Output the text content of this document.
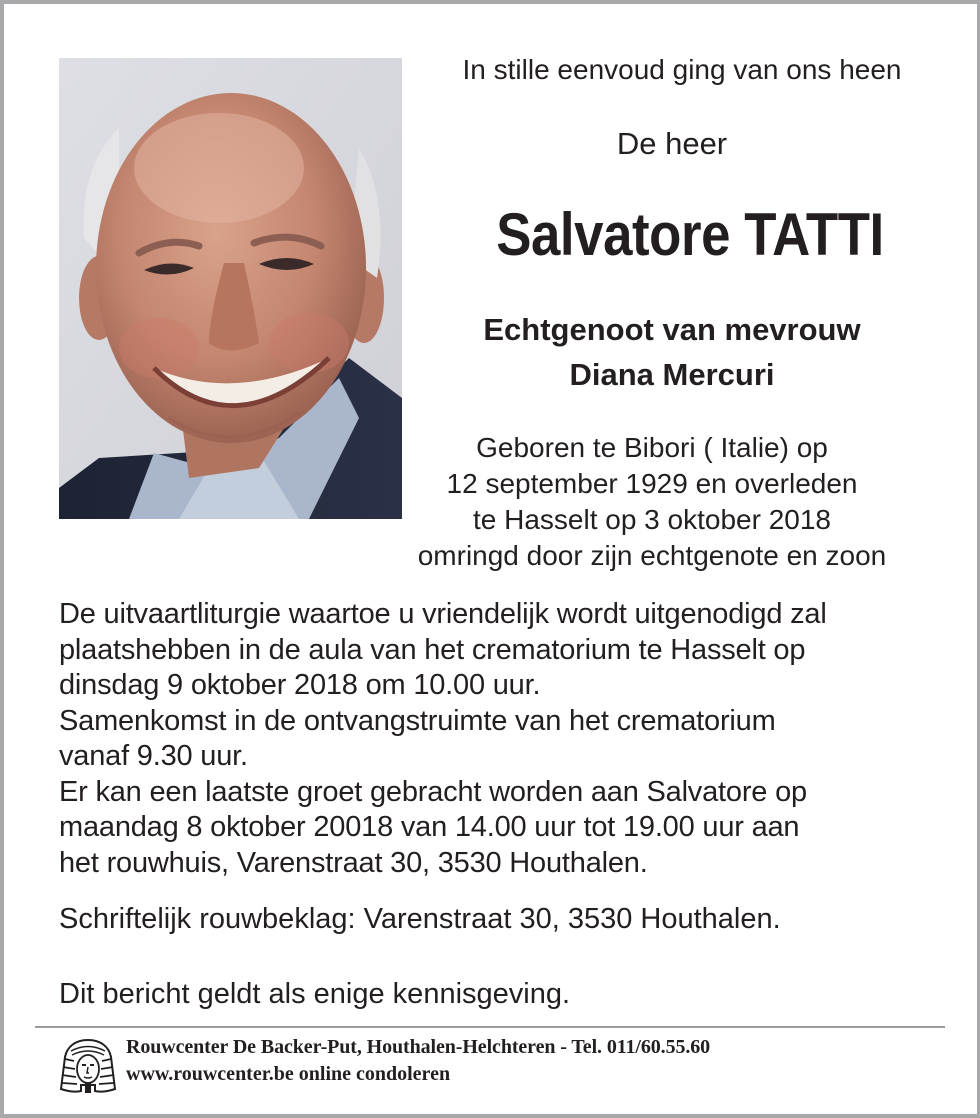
In stille eenvoud ging van ons heen
De heer
Salvatore TATTI
Echtgenoot van mevrouw
Diana Mercuri
Geboren te Bibori ( Italie) op
12 september 1929 en overleden
te Hasselt op 3 oktober 2018
omringd door zijn echtgenote en zoon
De uitvaartliturgie waartoe u vriendelijk wordt uitgenodigd zal
plaatshebben in de aula van het crematorium te Hasselt op
dinsdag 9 oktober 2018 om 10.00 uur.
Samenkomst in de ontvangstruimte van het crematorium
vanaf 9.30 uur.
Er kan een laatste groet gebracht worden aan Salvatore op
maandag 8 oktober 20018 van 14.00 uur tot 19.00 uur aan
het rouwhuis, Varenstraat 30, 3530 Houthalen.
Schriftelijk rouwbeklag: Varenstraat 30, 3530 Houthalen.
Dit bericht geldt als enige kennisgeving.
Rouwcenter De Backer-Put, Houthalen-Helchteren - Tel. 011/60.55.60
www.rouwcenter.be online condoleren
